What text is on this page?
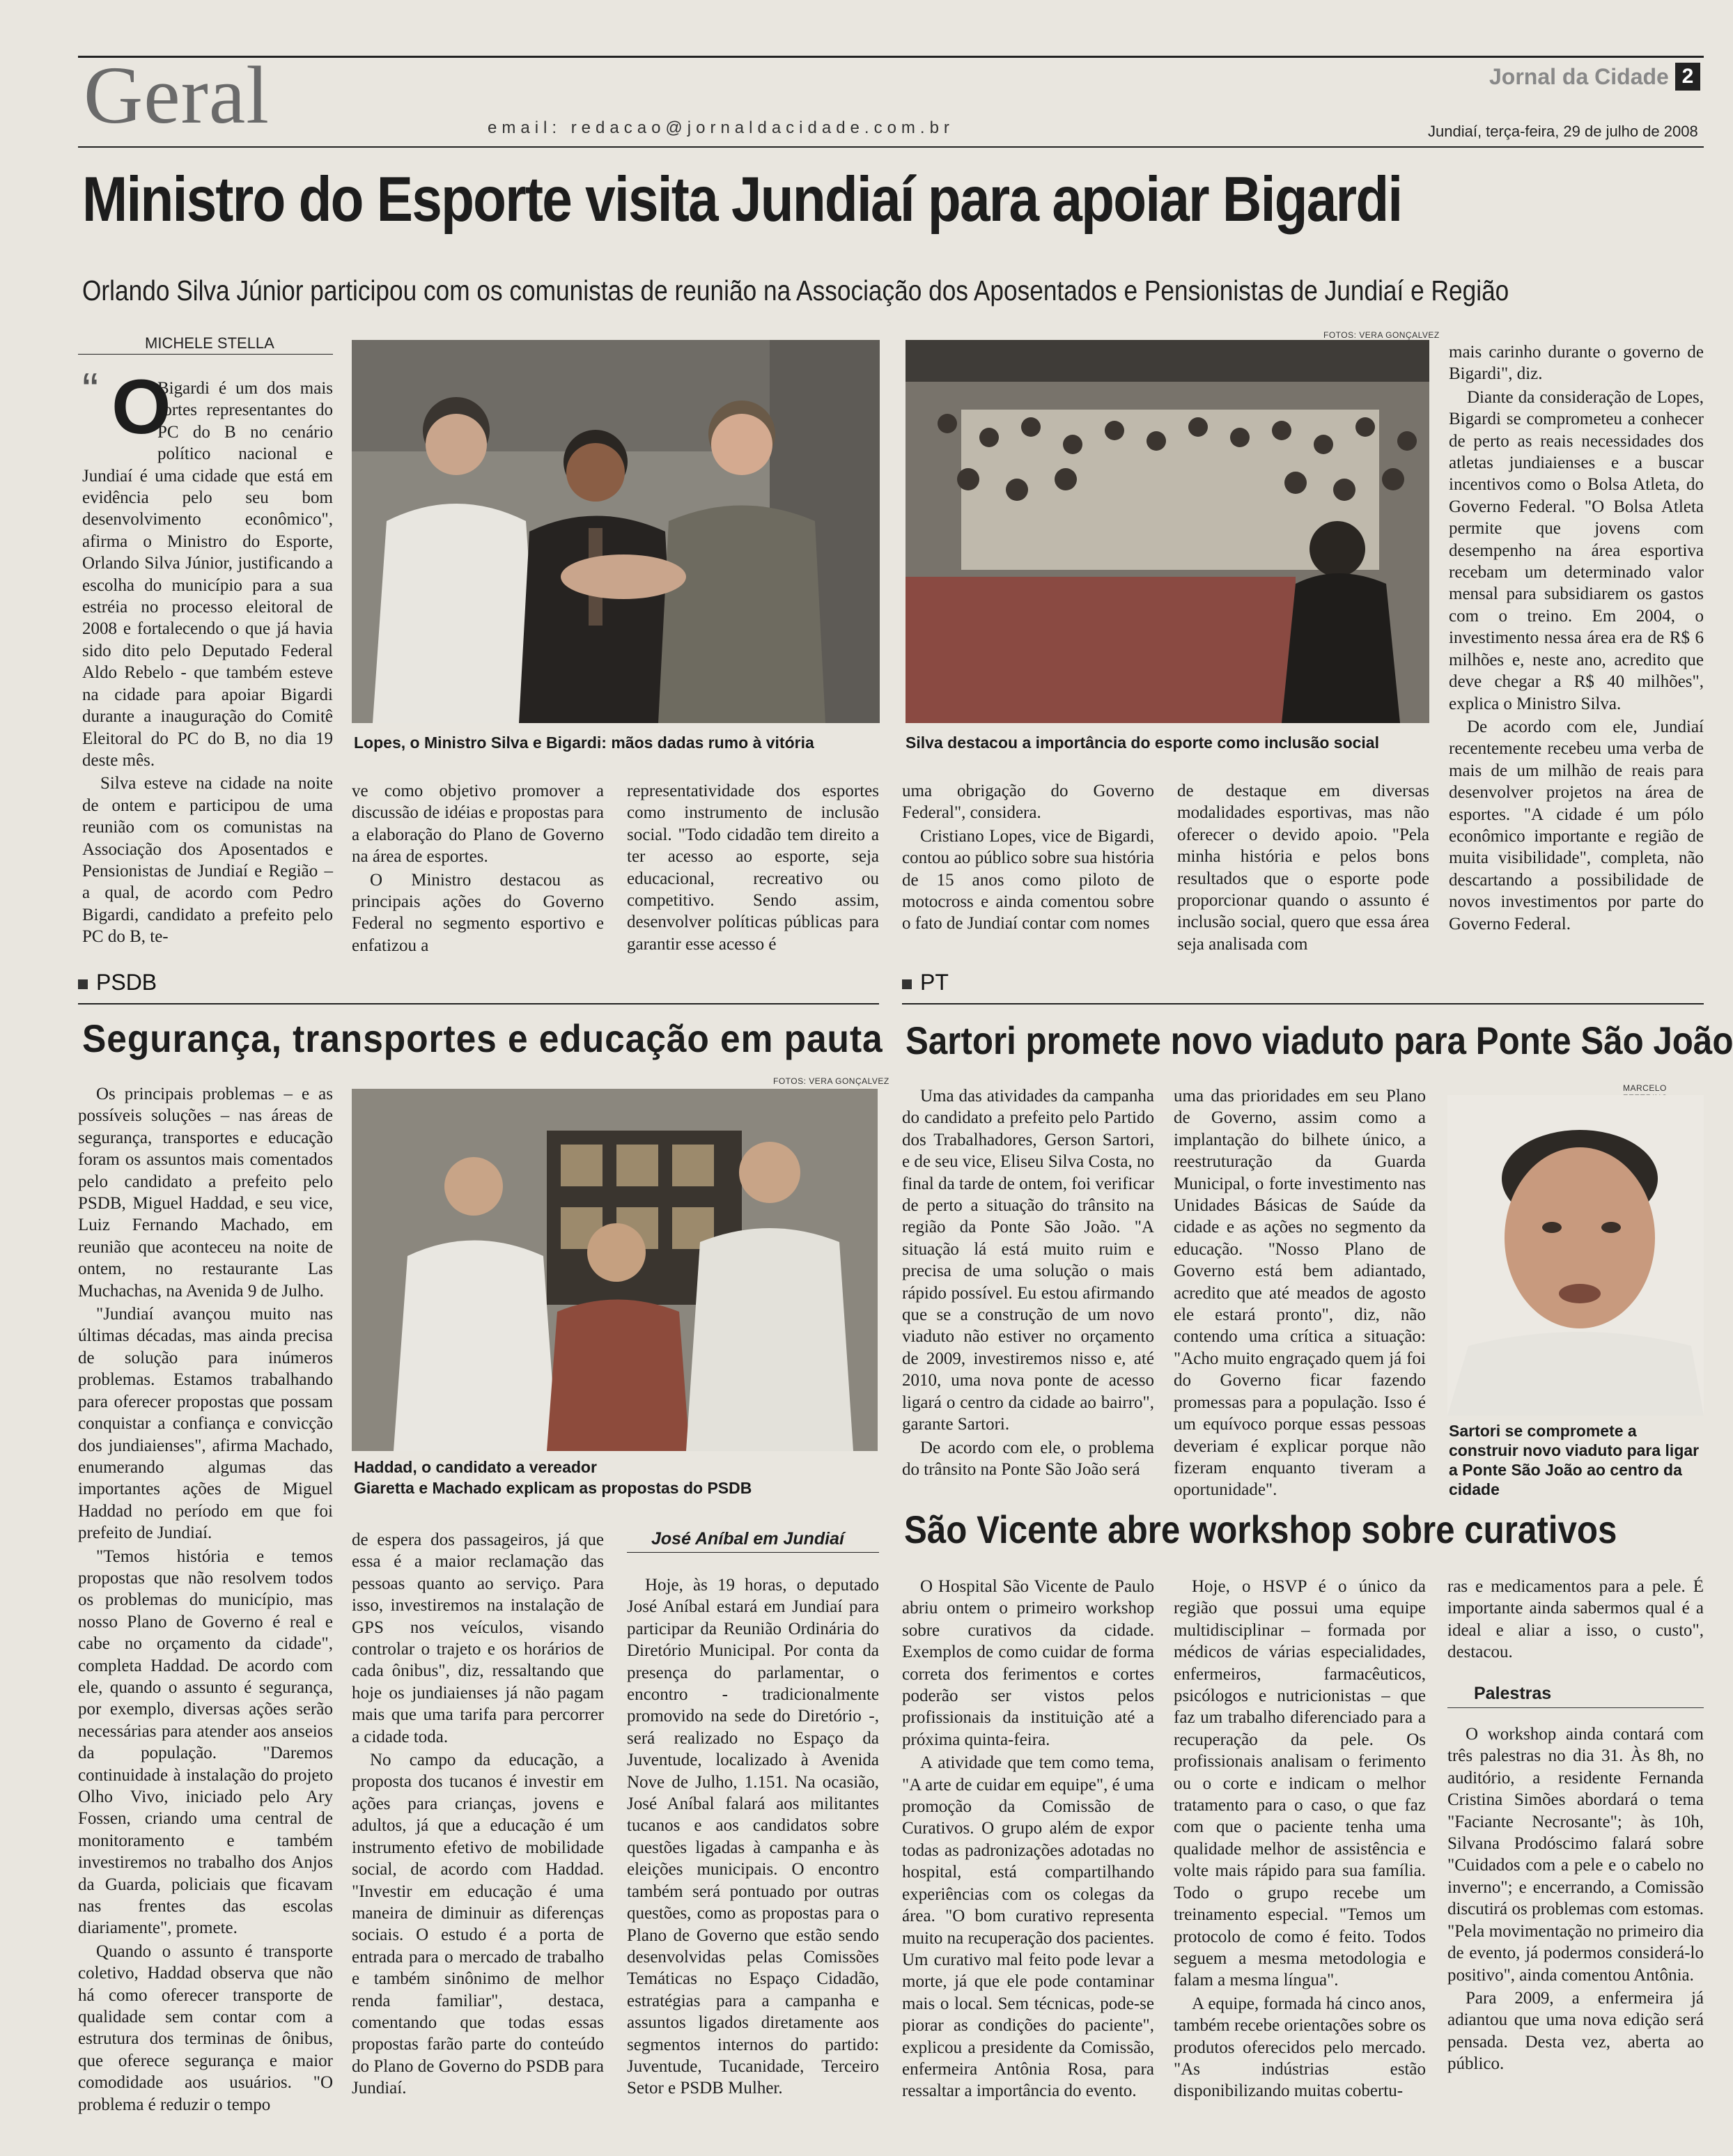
Geral	email: redacao@jornaldacidade.com.br
Jornal da Cidade 2
Jundiaí, terça-feira, 29 de julho de 2008
Ministro do Esporte visita Jundiaí para apoiar Bigardi
Orlando Silva Júnior participou com os comunistas de reunião na Associação dos Aposentados e Pensionistas de Jundiaí e Região
MICHELE STELLA
“ O

Bigardi é um dos mais fortes representantes do PC do B no cenário político nacional e Jundiaí é uma cidade que está em evidência pelo seu bom desenvolvimento econômico", afirma o Ministro do Esporte, Orlando Silva Júnior, justificando a escolha do município para a sua estréia no processo eleitoral de 2008 e fortalecendo o que já havia sido dito pelo Deputado Federal Aldo Rebelo - que também esteve na cidade para apoiar Bigardi durante a inauguração do Comitê Eleitoral do PC do B, no dia 19 deste mês.

Silva esteve na cidade na noite de ontem e participou de uma reunião com os comunistas na Associação dos Aposentados e Pensionistas de Jundiaí e Região – a qual, de acordo com Pedro Bigardi, candidato a prefeito pelo PC do B, te-

FOTOS: VERA GONÇALVEZ
Lopes, o Ministro Silva e Bigardi: mãos dadas rumo à vitória	Silva destacou a importância do esporte como inclusão social

ve como objetivo promover a discussão de idéias e propostas para a elaboração do Plano de Governo na área de esportes.

O Ministro destacou as principais ações do Governo Federal no segmento esportivo e enfatizou a

representatividade dos esportes como instrumento de inclusão social. "Todo cidadão tem direito a ter acesso ao esporte, seja educacional, recreativo ou competitivo. Sendo assim, desenvolver políticas públicas para garantir esse acesso é

uma obrigação do Governo Federal", considera.

Cristiano Lopes, vice de Bigardi, contou ao público sobre sua história de 15 anos como piloto de motocross e ainda comentou sobre o fato de Jundiaí contar com nomes

de destaque em diversas modalidades esportivas, mas não oferecer o devido apoio. "Pela minha história e pelos bons resultados que o esporte pode proporcionar quando o assunto é inclusão social, quero que essa área seja analisada com

mais carinho durante o governo de Bigardi", diz.

Diante da consideração de Lopes, Bigardi se comprometeu a conhecer de perto as reais necessidades dos atletas jundiaienses e a buscar incentivos como o Bolsa Atleta, do Governo Federal. "O Bolsa Atleta permite que jovens com desempenho na área esportiva recebam um determinado valor mensal para subsidiarem os gastos com o treino. Em 2004, o investimento nessa área era de R$ 6 milhões e, neste ano, acredito que deve chegar a R$ 40 milhões", explica o Ministro Silva.

De acordo com ele, Jundiaí recentemente recebeu uma verba de mais de um milhão de reais para desenvolver projetos na área de esportes. "A cidade é um pólo econômico importante e região de muita visibilidade", completa, não descartando a possibilidade de novos investimentos por parte do Governo Federal.

PSDB
Segurança, transportes e educação em pauta

Os principais problemas – e as possíveis soluções – nas áreas de segurança, transportes e educação foram os assuntos mais comentados pelo candidato a prefeito pelo PSDB, Miguel Haddad, e seu vice, Luiz Fernando Machado, em reunião que aconteceu na noite de ontem, no restaurante Las Muchachas, na Avenida 9 de Julho.

"Jundiaí avançou muito nas últimas décadas, mas ainda precisa de solução para inúmeros problemas. Estamos trabalhando para oferecer propostas que possam conquistar a confiança e convicção dos jundiaienses", afirma Machado, enumerando algumas das importantes ações de Miguel Haddad no período em que foi prefeito de Jundiaí.

"Temos história e temos propostas que não resolvem todos os problemas do município, mas nosso Plano de Governo é real e cabe no orçamento da cidade", completa Haddad. De acordo com ele, quando o assunto é segurança, por exemplo, diversas ações serão necessárias para atender aos anseios da população. "Daremos continuidade à instalação do projeto Olho Vivo, iniciado pelo Ary Fossen, criando uma central de monitoramento e também investiremos no trabalho dos Anjos da Guarda, policiais que ficavam nas frentes das escolas diariamente", promete.

Quando o assunto é transporte coletivo, Haddad observa que não há como oferecer transporte de qualidade sem contar com a estrutura dos terminas de ônibus, que oferece segurança e maior comodidade aos usuários. "O problema é reduzir o tempo

FOTOS: VERA GONÇALVEZ
Haddad, o candidato a vereador
Giaretta e Machado explicam as propostas do PSDB

de espera dos passageiros, já que essa é a maior reclamação das pessoas quanto ao serviço. Para isso, investiremos na instalação de GPS nos veículos, visando controlar o trajeto e os horários de cada ônibus", diz, ressaltando que hoje os jundiaienses já não pagam mais que uma tarifa para percorrer a cidade toda.

No campo da educação, a proposta dos tucanos é investir em ações para crianças, jovens e adultos, já que a educação é um instrumento efetivo de mobilidade social, de acordo com Haddad. "Investir em educação é uma maneira de diminuir as diferenças sociais. O estudo é a porta de entrada para o mercado de trabalho e também sinônimo de melhor renda familiar", destaca, comentando que todas essas propostas farão parte do conteúdo do Plano de Governo do PSDB para Jundiaí.

José Aníbal em Jundiaí

Hoje, às 19 horas, o deputado José Aníbal estará em Jundiaí para participar da Reunião Ordinária do Diretório Municipal. Por conta da presença do parlamentar, o encontro - tradicionalmente promovido na sede do Diretório -, será realizado no Espaço da Juventude, localizado à Avenida Nove de Julho, 1.151. Na ocasião, José Aníbal falará aos militantes tucanos e aos candidatos sobre questões ligadas à campanha e às eleições municipais. O encontro também será pontuado por outras questões, como as propostas para o Plano de Governo que estão sendo desenvolvidas pelas Comissões Temáticas no Espaço Cidadão, estratégias para a campanha e assuntos ligados diretamente aos segmentos internos do partido: Juventude, Tucanidade, Terceiro Setor e PSDB Mulher.

PT
Sartori promete novo viaduto para Ponte São João

Uma das atividades da campanha do candidato a prefeito pelo Partido dos Trabalhadores, Gerson Sartori, e de seu vice, Eliseu Silva Costa, no final da tarde de ontem, foi verificar de perto a situação do trânsito na região da Ponte São João. "A situação lá está muito ruim e precisa de uma solução o mais rápido possível. Eu estou afirmando que se a construção de um novo viaduto não estiver no orçamento de 2009, investiremos nisso e, até 2010, uma nova ponte de acesso ligará o centro da cidade ao bairro", garante Sartori.

De acordo com ele, o problema do trânsito na Ponte São João será

uma das prioridades em seu Plano de Governo, assim como a implantação do bilhete único, a reestruturação da Guarda Municipal, o forte investimento nas Unidades Básicas de Saúde da cidade e as ações no segmento da educação. "Nosso Plano de Governo está bem adiantado, acredito que até meados de agosto ele estará pronto", diz, não contendo uma crítica a situação: "Acho muito engraçado quem já foi do Governo ficar fazendo promessas para a população. Isso é um equívoco porque essas pessoas deveriam é explicar porque não fizeram enquanto tiveram a oportunidade".

MARCELO
Sartori se compromete a construir novo viaduto para ligar a Ponte São João ao centro da cidade
São Vicente abre workshop sobre curativos

O Hospital São Vicente de Paulo abriu ontem o primeiro workshop sobre curativos da cidade. Exemplos de como cuidar de forma correta dos ferimentos e cortes poderão ser vistos pelos profissionais da instituição até a próxima quinta-feira.

A atividade que tem como tema, "A arte de cuidar em equipe", é uma promoção da Comissão de Curativos. O grupo além de expor todas as padronizações adotadas no hospital, está compartilhando experiências com os colegas da área. "O bom curativo representa muito na recuperação dos pacientes. Um curativo mal feito pode levar a morte, já que ele pode contaminar mais o local. Sem técnicas, pode-se piorar as condições do paciente", explicou a presidente da Comissão, enfermeira Antônia Rosa, para ressaltar a importância do evento.

Hoje, o HSVP é o único da região que possui uma equipe multidisciplinar – formada por médicos de várias especialidades, enfermeiros, farmacêuticos, psicólogos e nutricionistas – que faz um trabalho diferenciado para a recuperação da pele. Os profissionais analisam o ferimento ou o corte e indicam o melhor tratamento para o caso, o que faz com que o paciente tenha uma qualidade melhor de assistência e volte mais rápido para sua família. Todo o grupo recebe um treinamento especial. "Temos um protocolo de como é feito. Todos seguem a mesma metodologia e falam a mesma língua".

A equipe, formada há cinco anos, também recebe orientações sobre os produtos oferecidos pelo mercado. "As indústrias estão disponibilizando muitas cobertu-

ras e medicamentos para a pele. É importante ainda sabermos qual é a ideal e aliar a isso, o custo", destacou.

Palestras

O workshop ainda contará com três palestras no dia 31. Às 8h, no auditório, a residente Fernanda Cristina Simões abordará o tema "Faciante Necrosante"; às 10h, Silvana Prodóscimo falará sobre "Cuidados com a pele e o cabelo no inverno"; e encerrando, a Comissão discutirá os problemas com estomas. "Pela movimentação no primeiro dia de evento, já podermos considerá-lo positivo", ainda comentou Antônia.

Para 2009, a enfermeira já adiantou que uma nova edição será pensada. Desta vez, aberta ao público.
